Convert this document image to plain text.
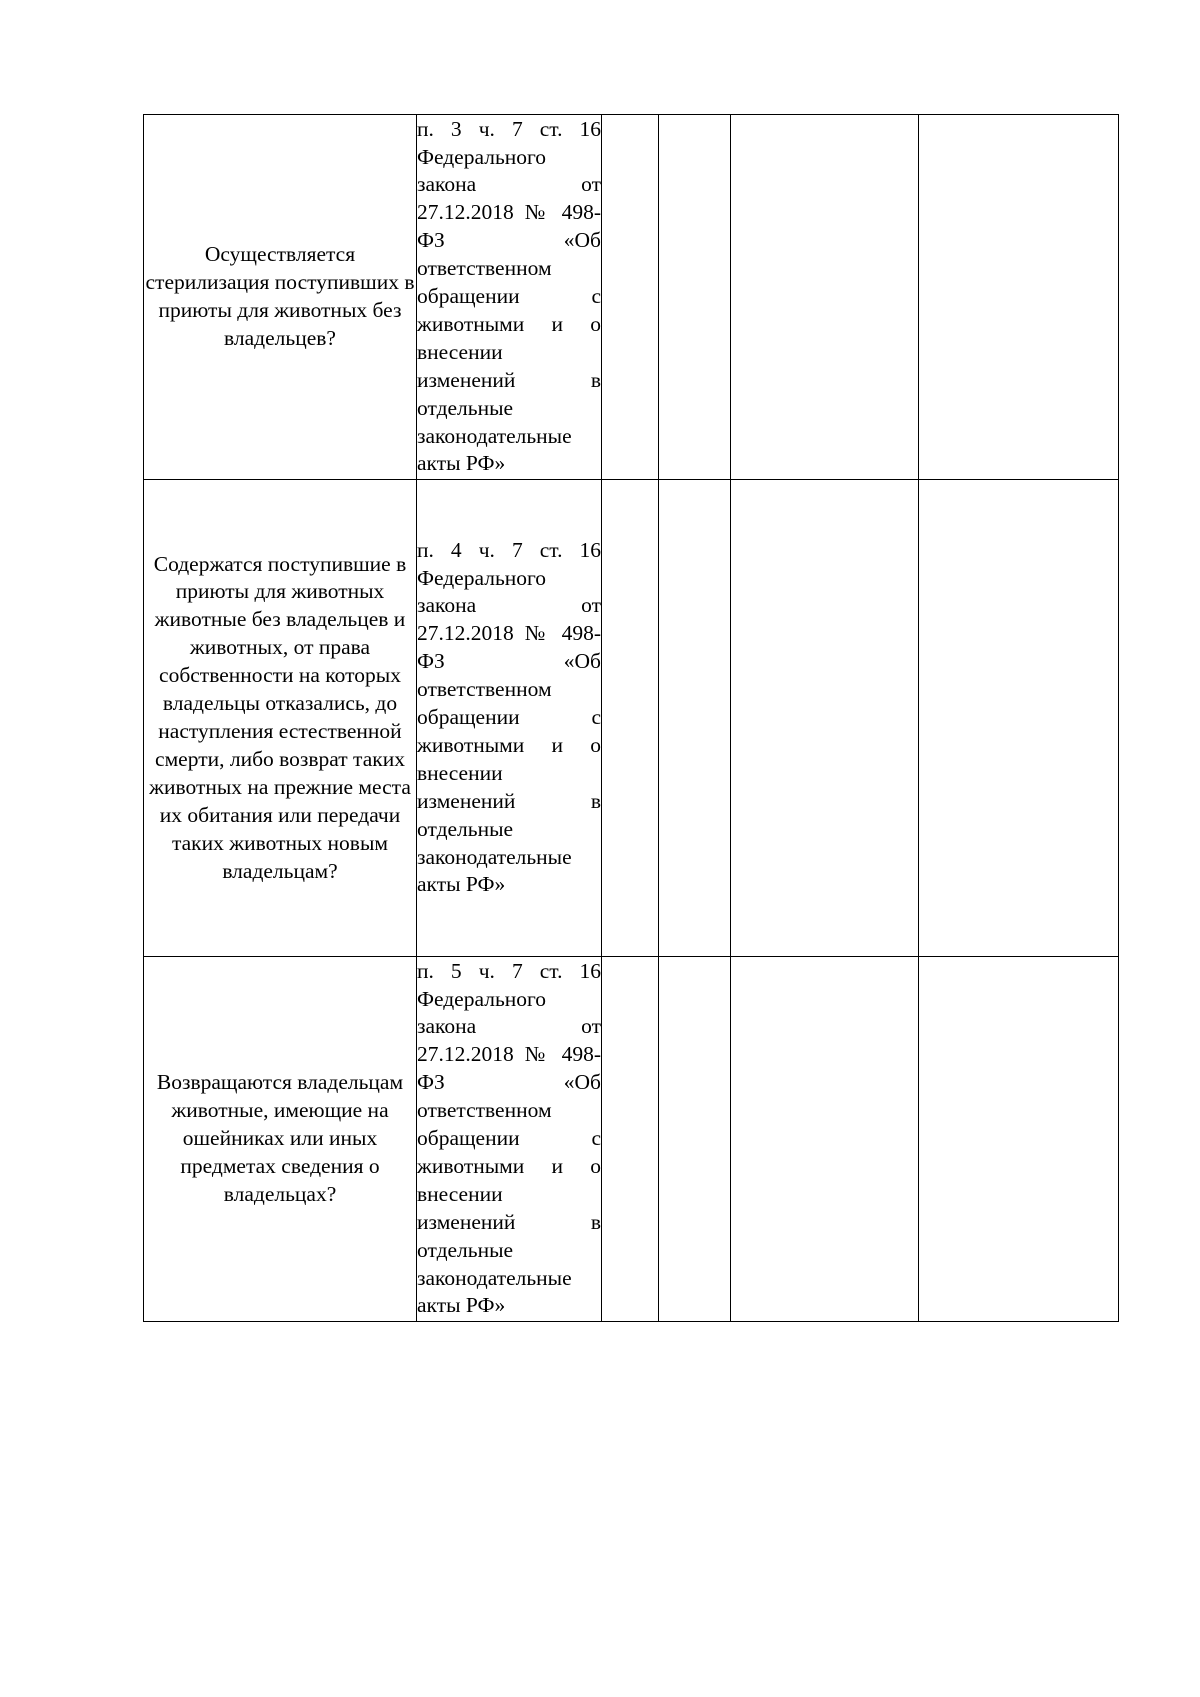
Осуществляется стерилизация поступивших в приюты для животных без владельцев?	п. 3 ч. 7 ст. 16 Федерального закона от 27.12.2018 № 498-ФЗ «Об ответственном обращении с животными и о внесении изменений в отдельные законодательные акты РФ»				

Содержатся поступившие в приюты для животных животные без владельцев и животных, от права собственности на которых владельцы отказались, до наступления естественной смерти, либо возврат таких животных на прежние места их обитания или передачи таких животных новым владельцам?	п. 4 ч. 7 ст. 16 Федерального закона от 27.12.2018 № 498-ФЗ «Об ответственном обращении с животными и о внесении изменений в отдельные законодательные акты РФ»				

Возвращаются владельцам животные, имеющие на ошейниках или иных предметах сведения о владельцах?	п. 5 ч. 7 ст. 16 Федерального закона от 27.12.2018 № 498-ФЗ «Об ответственном обращении с животными и о внесении изменений в отдельные законодательные акты РФ»				
